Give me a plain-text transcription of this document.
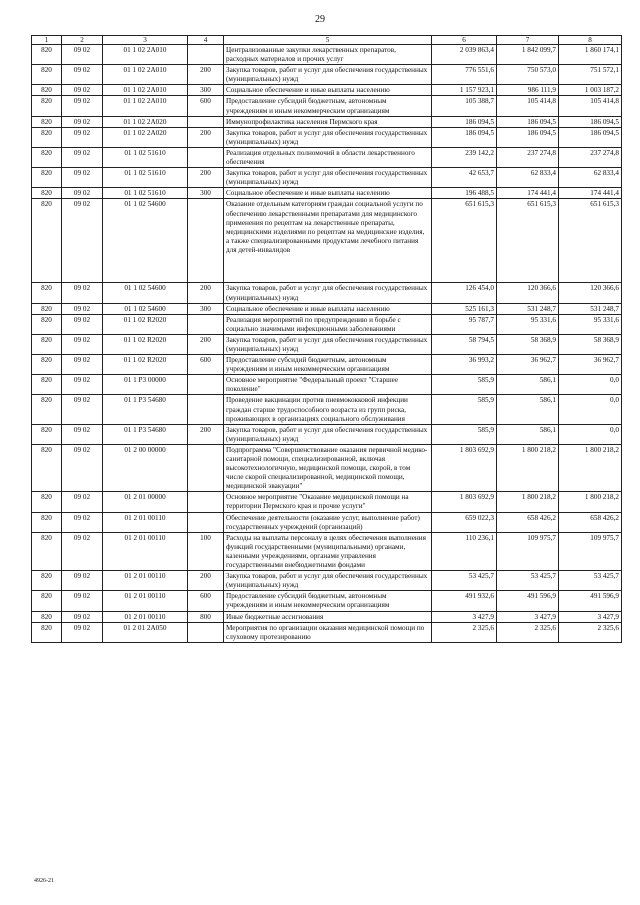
29
1	2	3	4	5	6	7	8
820	09 02	01 1 02 2A010		Централизованные закупки лекарственных препаратов, расходных материалов и прочих услуг	2 039 863,4	1 842 099,7	1 860 174,1
820	09 02	01 1 02 2A010	200	Закупка товаров, работ и услуг для обеспечения государственных (муниципальных) нужд	776 551,6	750 573,0	751 572,1
820	09 02	01 1 02 2A010	300	Социальное обеспечение и иные выплаты населению	1 157 923,1	986 111,9	1 003 187,2
820	09 02	01 1 02 2A010	600	Предоставление субсидий бюджетным, автономным учреждениям и иным некоммерческим организациям	105 388,7	105 414,8	105 414,8
820	09 02	01 1 02 2A020		Иммунопрофилактика населения Пермского края	186 094,5	186 094,5	186 094,5
820	09 02	01 1 02 2A020	200	Закупка товаров, работ и услуг для обеспечения государственных (муниципальных) нужд	186 094,5	186 094,5	186 094,5
820	09 02	01 1 02 51610		Реализация отдельных полномочий в области лекарственного обеспечения	239 142,2	237 274,8	237 274,8
820	09 02	01 1 02 51610	200	Закупка товаров, работ и услуг для обеспечения государственных (муниципальных) нужд	42 653,7	62 833,4	62 833,4
820	09 02	01 1 02 51610	300	Социальное обеспечение и иные выплаты населению	196 488,5	174 441,4	174 441,4
820	09 02	01 1 02 54600		Оказание отдельным категориям граждан социальной услуги по обеспечению лекарственными препаратами для медицинского применения по рецептам на лекарственные препараты, медицинскими изделиями по рецептам на медицинские изделия, а также специализированными продуктами лечебного питания для детей-инвалидов	651 615,3	651 615,3	651 615,3
820	09 02	01 1 02 54600	200	Закупка товаров, работ и услуг для обеспечения государственных (муниципальных) нужд	126 454,0	120 366,6	120 366,6
820	09 02	01 1 02 54600	300	Социальное обеспечение и иные выплаты населению	525 161,3	531 248,7	531 248,7
820	09 02	01 1 02 R2020		Реализация мероприятий по предупреждению и борьбе с социально значимыми инфекционными заболеваниями	95 787,7	95 331,6	95 331,6
820	09 02	01 1 02 R2020	200	Закупка товаров, работ и услуг для обеспечения государственных (муниципальных) нужд	58 794,5	58 368,9	58 368,9
820	09 02	01 1 02 R2020	600	Предоставление субсидий бюджетным, автономным учреждениям и иным некоммерческим организациям	36 993,2	36 962,7	36 962,7
820	09 02	01 1 P3 00000		Основное мероприятие "Федеральный проект "Старшее поколение"	585,9	586,1	0,0
820	09 02	01 1 P3 54680		Проведение вакцинации против пневмококковой инфекции граждан старше трудоспособного возраста из групп риска, проживающих в организациях социального обслуживания	585,9	586,1	0,0
820	09 02	01 1 P3 54680	200	Закупка товаров, работ и услуг для обеспечения государственных (муниципальных) нужд	585,9	586,1	0,0
820	09 02	01 2 00 00000		Подпрограмма "Совершенствование оказания первичной медико-санитарной помощи, специализированной, включая высокотехнологичную, медицинской помощи, скорой, в том числе скорой специализированной, медицинской помощи, медицинской эвакуации"	1 803 692,9	1 800 218,2	1 800 218,2
820	09 02	01 2 01 00000		Основное мероприятие "Оказание медицинской помощи на территории Пермского края и прочие услуги"	1 803 692,9	1 800 218,2	1 800 218,2
820	09 02	01 2 01 00110		Обеспечение деятельности (оказание услуг, выполнение работ) государственных учреждений (организаций)	659 022,3	658 426,2	658 426,2
820	09 02	01 2 01 00110	100	Расходы на выплаты персоналу в целях обеспечения выполнения функций государственными (муниципальными) органами, казенными учреждениями, органами управления государственными внебюджетными фондами	110 236,1	109 975,7	109 975,7
820	09 02	01 2 01 00110	200	Закупка товаров, работ и услуг для обеспечения государственных (муниципальных) нужд	53 425,7	53 425,7	53 425,7
820	09 02	01 2 01 00110	600	Предоставление субсидий бюджетным, автономным учреждениям и иным некоммерческим организациям	491 932,6	491 596,9	491 596,9
820	09 02	01 2 01 00110	800	Иные бюджетные ассигнования	3 427,9	3 427,9	3 427,9
820	09 02	01 2 01 2A050		Мероприятия по организации оказания медицинской помощи по слуховому протезированию	2 325,6	2 325,6	2 325,6
4926-21
